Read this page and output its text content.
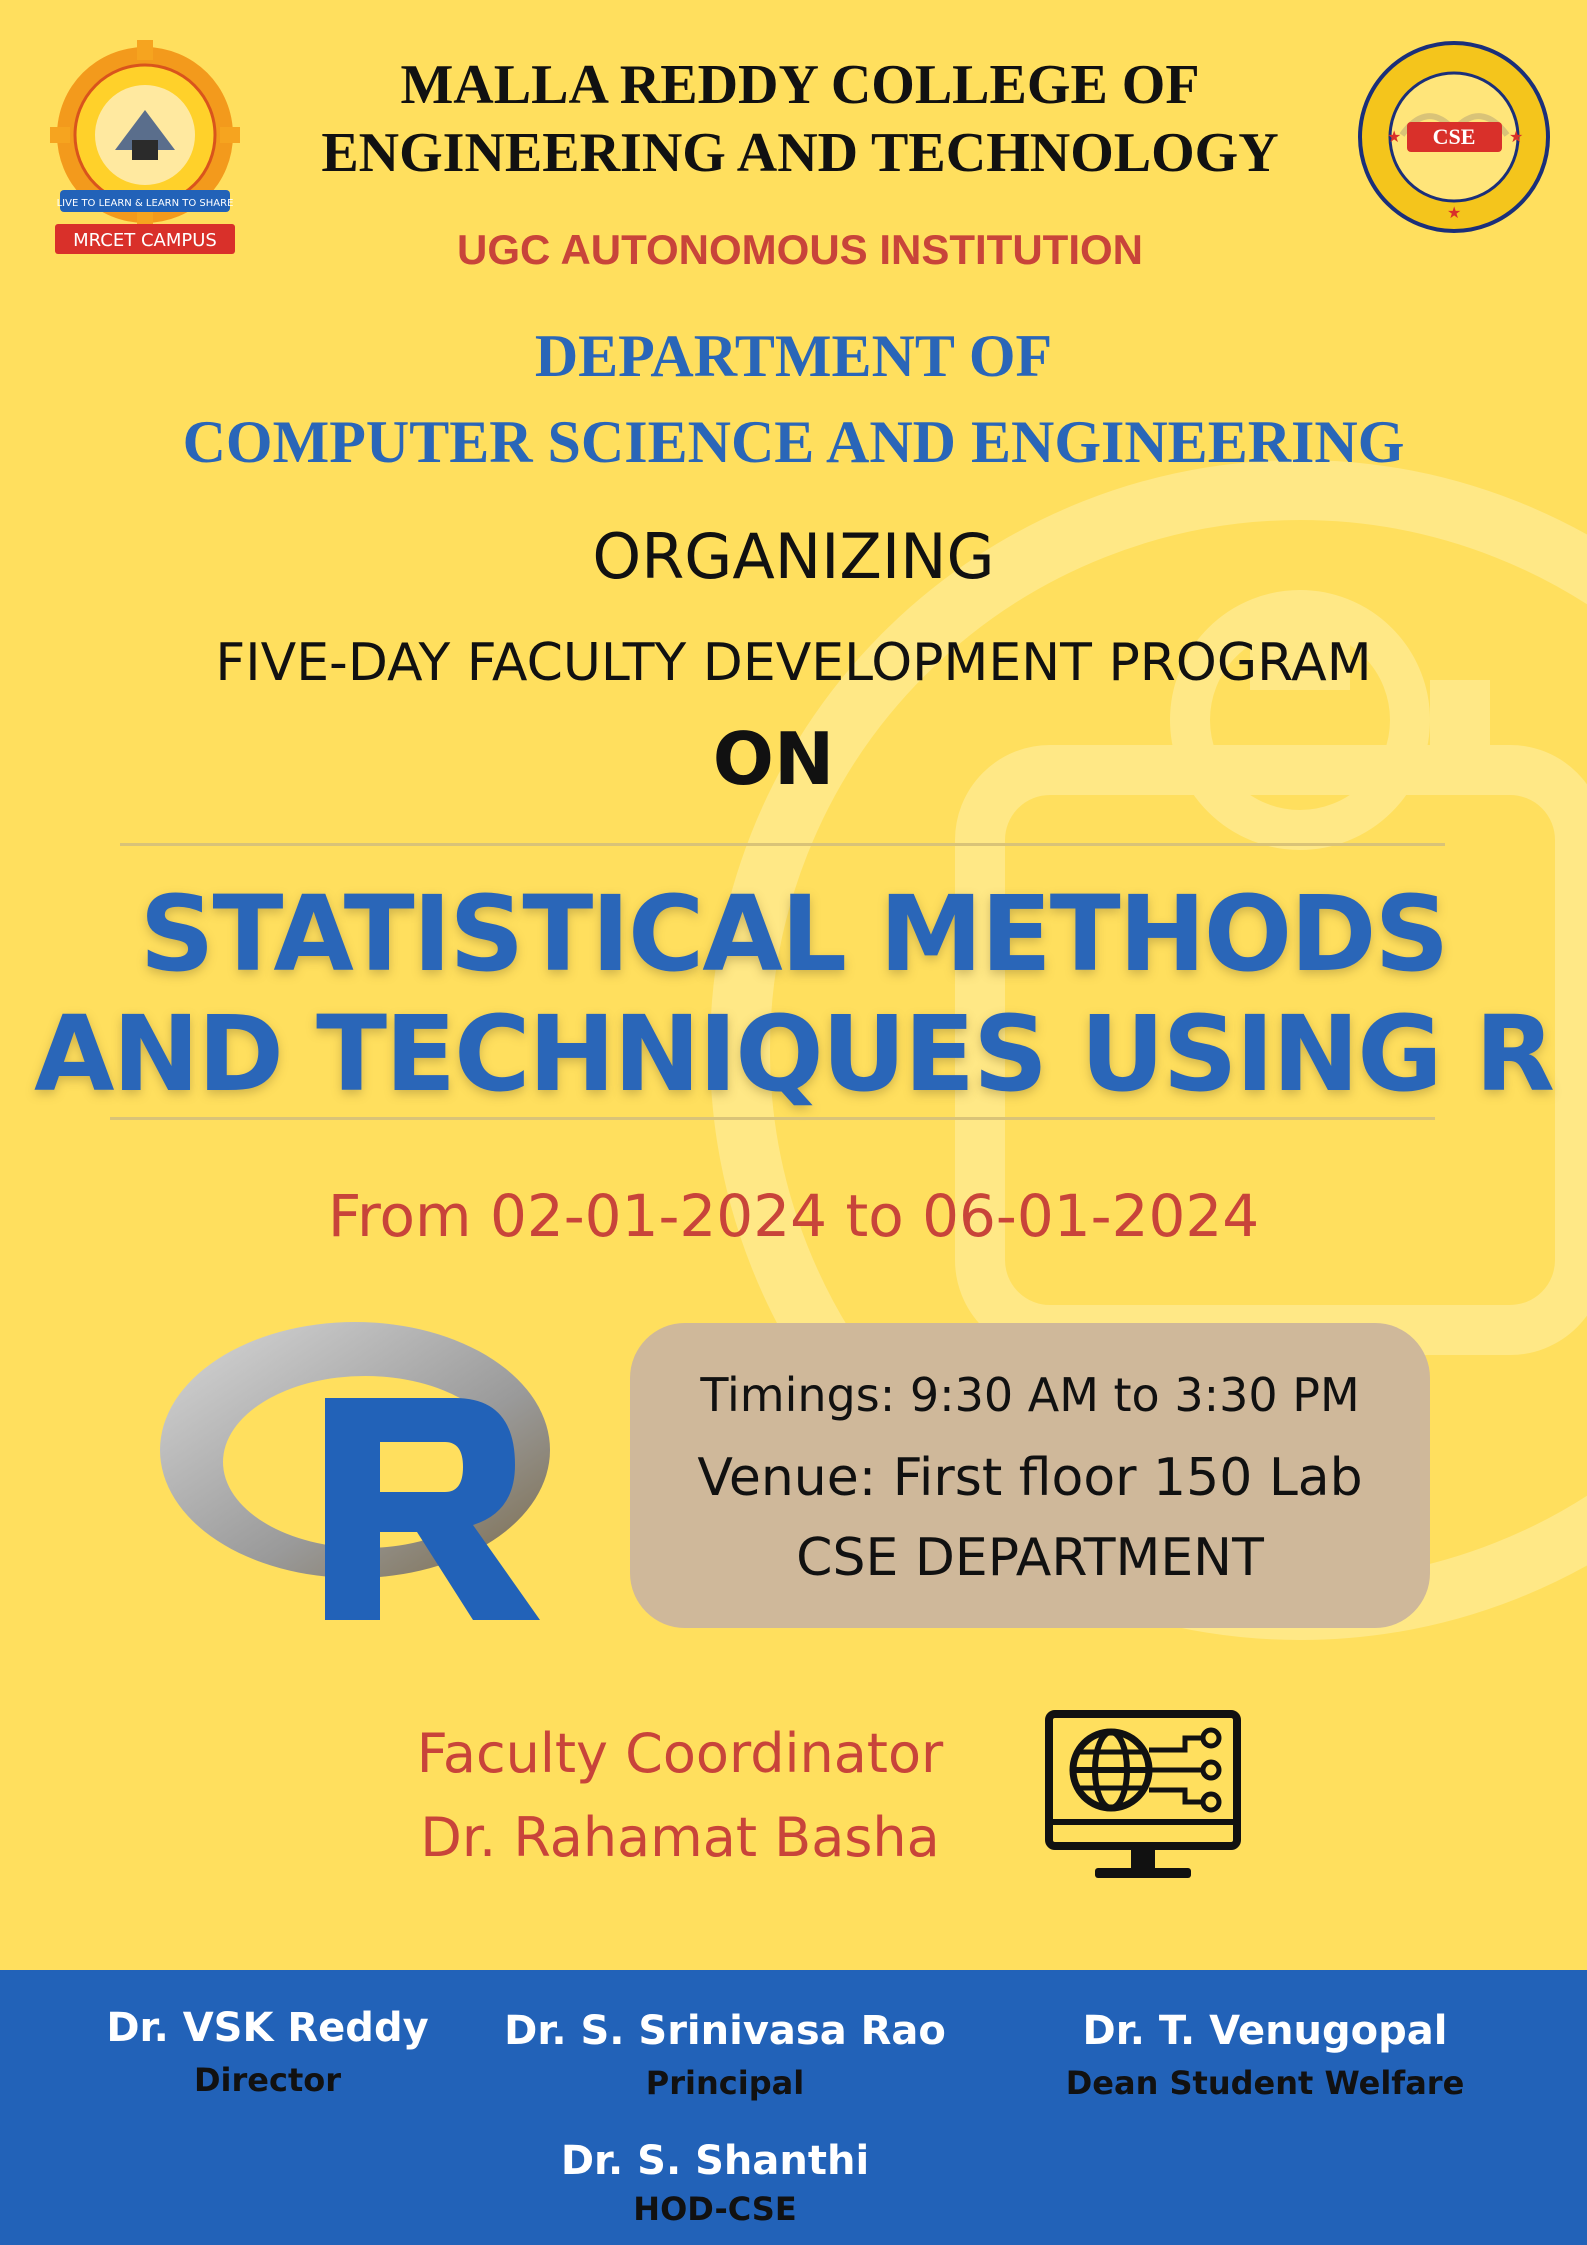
LIVE TO LEARN & LEARN TO SHARE
MRCET CAMPUS
CSE
★	★
★
MALLA REDDY COLLEGE OF
ENGINEERING AND TECHNOLOGY
UGC AUTONOMOUS INSTITUTION
DEPARTMENT OF
COMPUTER SCIENCE AND ENGINEERING
ORGANIZING
FIVE-DAY FACULTY DEVELOPMENT PROGRAM
ON
STATISTICAL METHODS
AND TECHNIQUES USING R
From 02-01-2024 to 06-01-2024
Timings: 9:30 AM to 3:30 PM
Venue: First floor 150 Lab
CSE DEPARTMENT
Faculty Coordinator
Dr. Rahamat Basha
Dr. VSK Reddy
Director
Dr. S. Srinivasa Rao
Principal
Dr. T. Venugopal
Dean Student Welfare
Dr. S. Shanthi
HOD-CSE
